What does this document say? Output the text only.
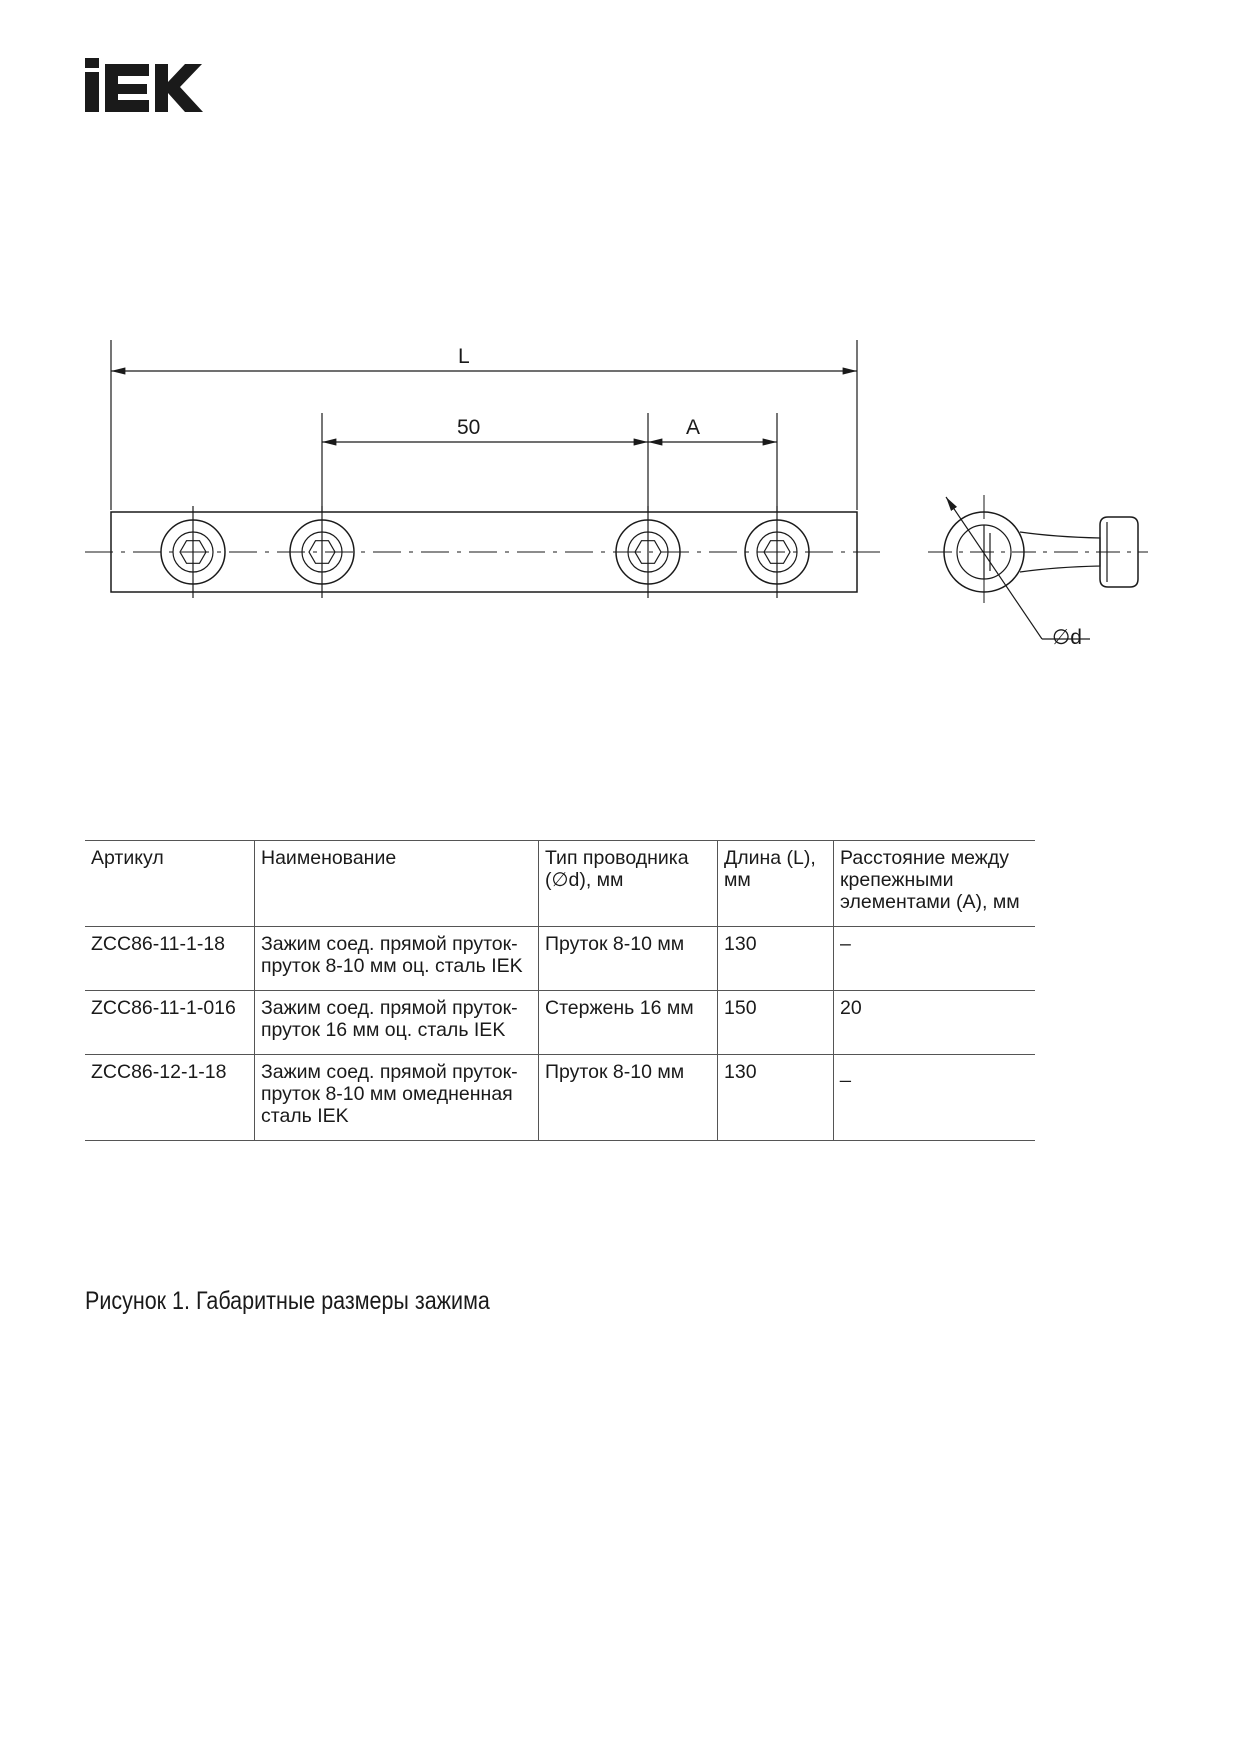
L
50	A
∅d
Артикул	Наименование	Тип проводника (∅d), мм	Длина (L), мм	Расстояние между крепежными элементами (A), мм
ZCC86-11-1-18	Зажим соед. прямой пруток-пруток 8-10 мм оц. сталь IEK	Пруток 8-10 мм	130	–
ZCC86-11-1-016	Зажим соед. прямой пруток-пруток 16 мм оц. сталь IEK	Стержень 16 мм	150	20
ZCC86-12-1-18	Зажим соед. прямой пруток-пруток 8-10 мм омедненная сталь IEK	Пруток 8-10 мм	130	_
Рисунок 1. Габаритные размеры зажима
